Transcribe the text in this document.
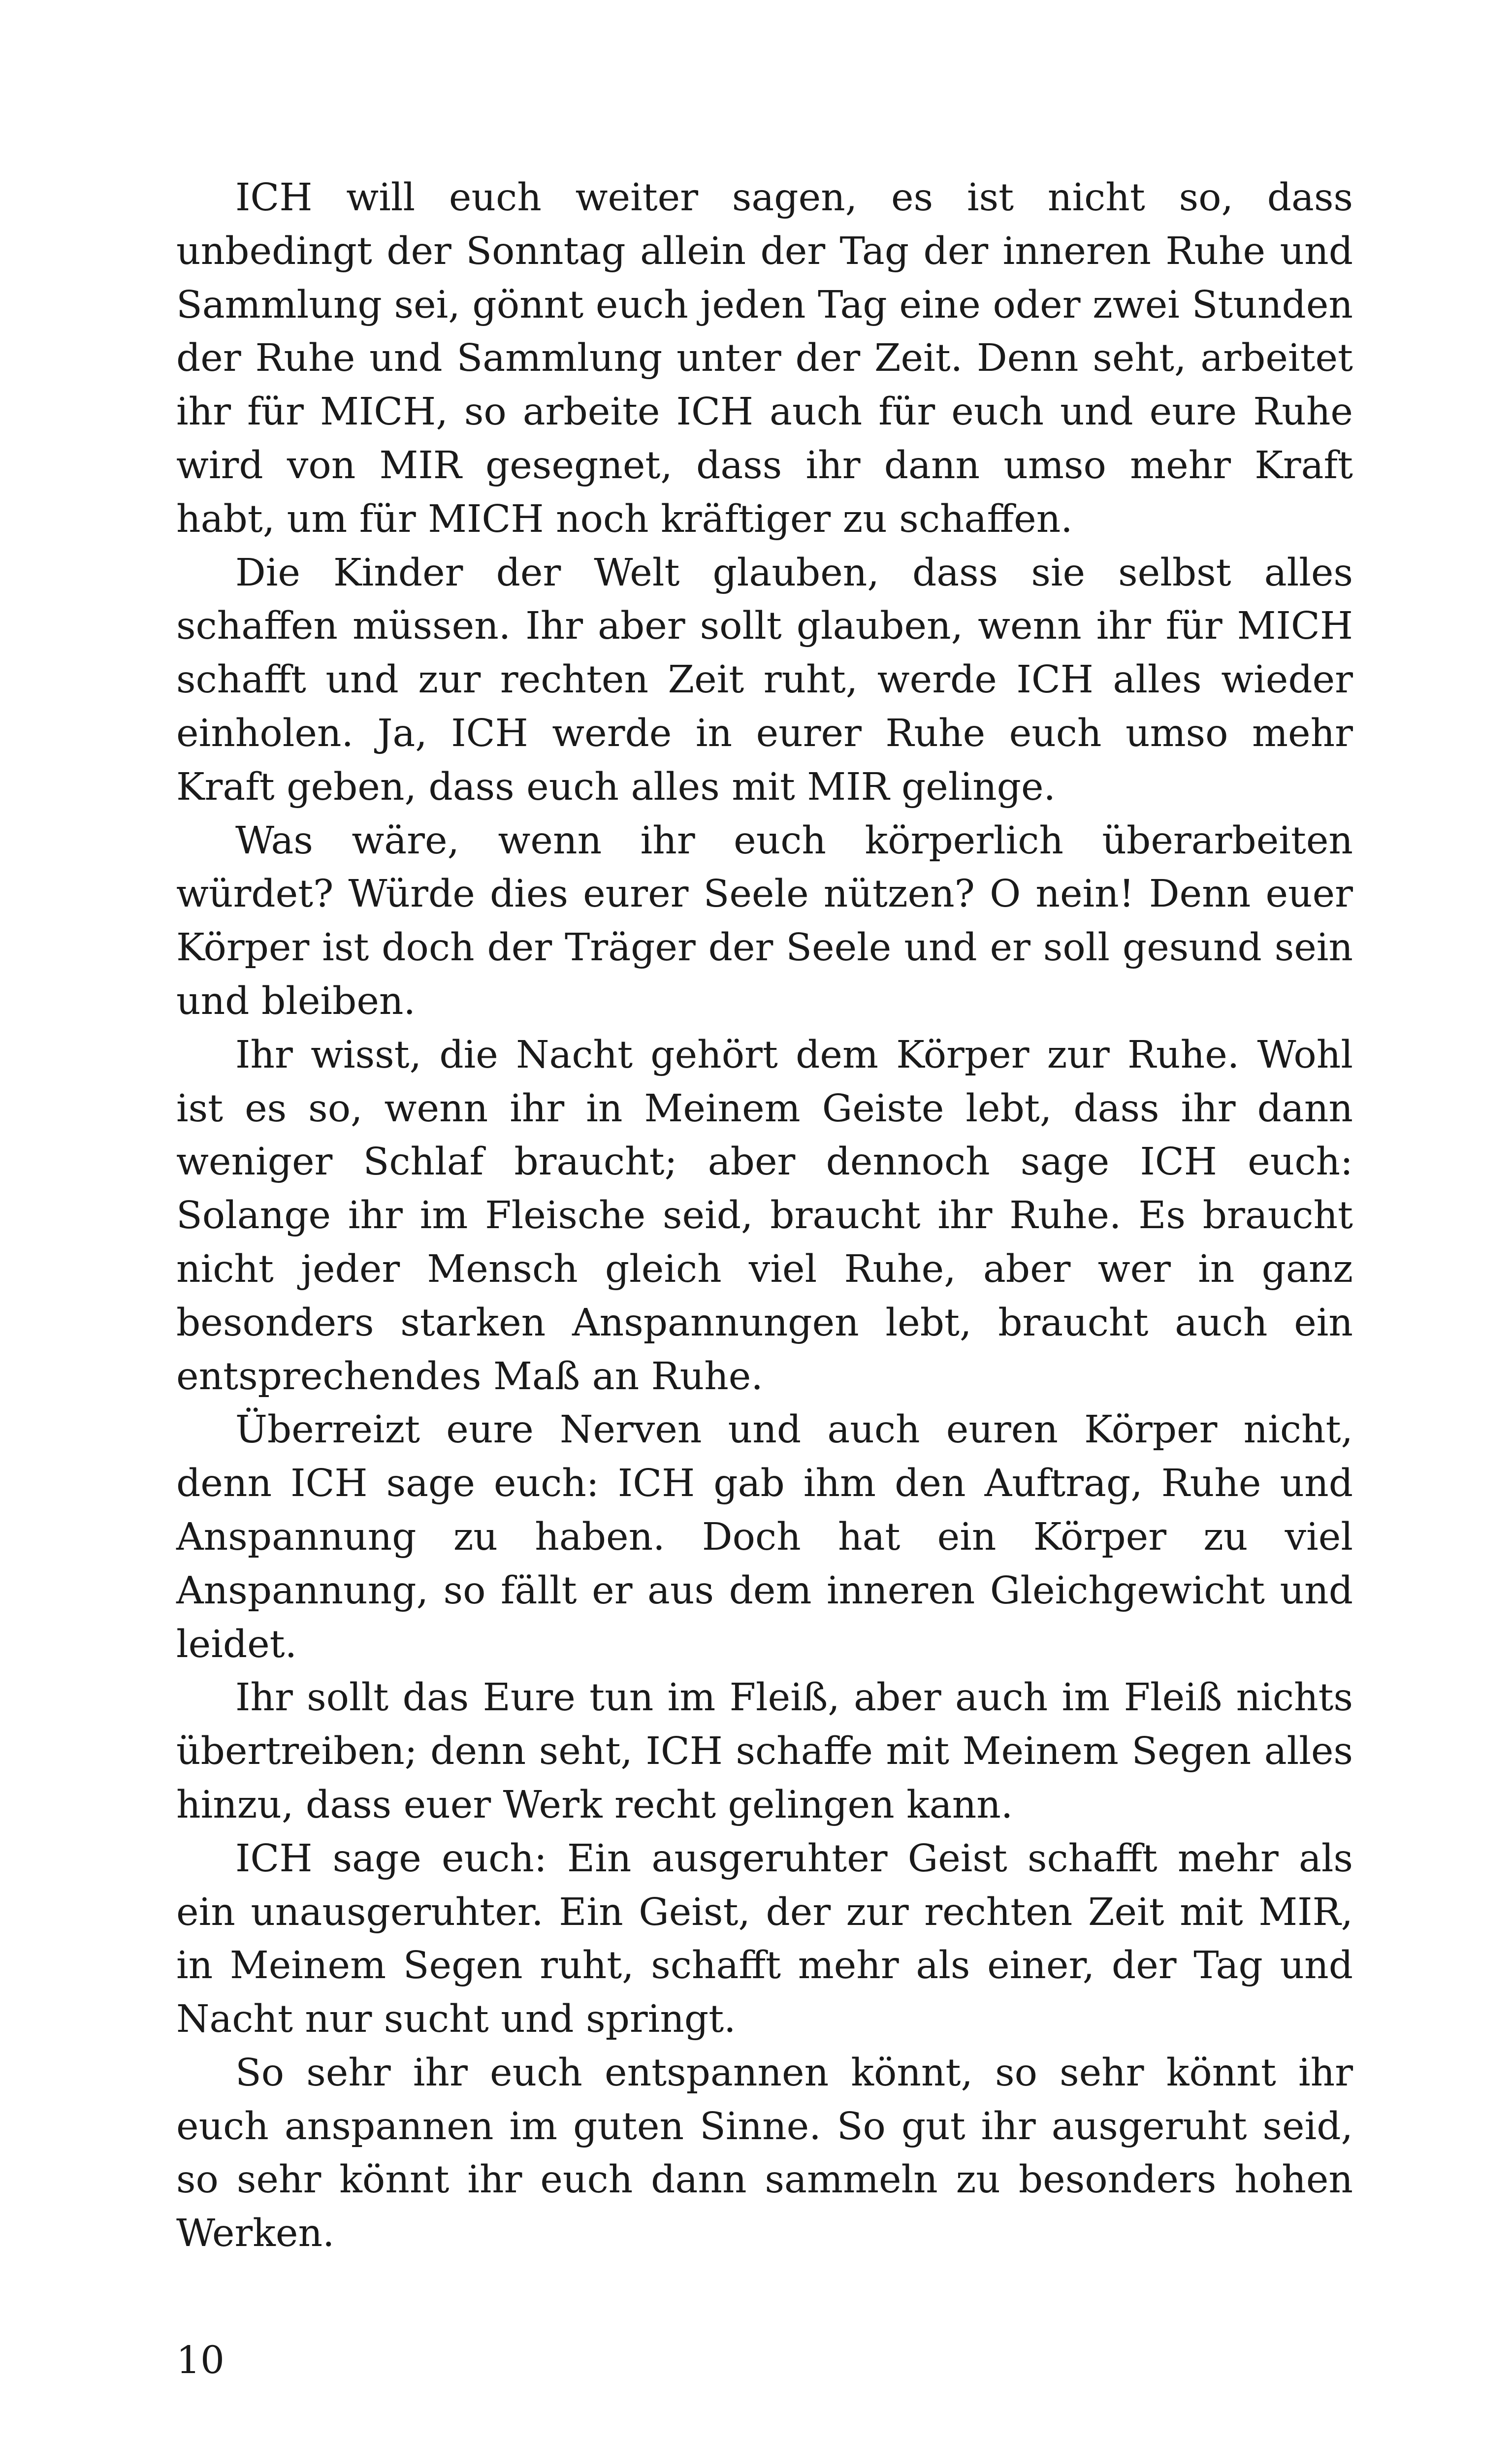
ICH will euch weiter sagen, es ist nicht so, dass unbedingt der Sonntag allein der Tag der inneren Ruhe und Sammlung sei, gönnt euch jeden Tag eine oder zwei Stunden der Ruhe und Sammlung unter der Zeit. Denn seht, arbeitet ihr für MICH, so arbeite ICH auch für euch und eure Ruhe wird von MIR gesegnet, dass ihr dann umso mehr Kraft habt, um für MICH noch kräftiger zu schaffen.

Die Kinder der Welt glauben, dass sie selbst alles schaffen müssen. Ihr aber sollt glauben, wenn ihr für MICH schafft und zur rechten Zeit ruht, werde ICH alles wieder einholen. Ja, ICH werde in eurer Ruhe euch umso mehr Kraft geben, dass euch alles mit MIR gelinge.

Was wäre, wenn ihr euch körperlich überarbeiten würdet? Würde dies eurer Seele nützen? O nein! Denn euer Körper ist doch der Träger der Seele und er soll gesund sein und bleiben.

Ihr wisst, die Nacht gehört dem Körper zur Ruhe. Wohl ist es so, wenn ihr in Meinem Geiste lebt, dass ihr dann weniger Schlaf braucht; aber dennoch sage ICH euch: Solange ihr im Fleische seid, braucht ihr Ruhe. Es braucht nicht jeder Mensch gleich viel Ruhe, aber wer in ganz besonders starken Anspannungen lebt, braucht auch ein entsprechendes Maß an Ruhe.

Überreizt eure Nerven und auch euren Körper nicht, denn ICH sage euch: ICH gab ihm den Auftrag, Ruhe und Anspannung zu haben. Doch hat ein Körper zu viel Anspannung, so fällt er aus dem inneren Gleichgewicht und leidet.

Ihr sollt das Eure tun im Fleiß, aber auch im Fleiß nichts übertreiben; denn seht, ICH schaffe mit Meinem Segen alles hinzu, dass euer Werk recht gelingen kann.

ICH sage euch: Ein ausgeruhter Geist schafft mehr als ein unausgeruhter. Ein Geist, der zur rechten Zeit mit MIR, in Meinem Segen ruht, schafft mehr als einer, der Tag und Nacht nur sucht und springt.

So sehr ihr euch entspannen könnt, so sehr könnt ihr euch anspannen im guten Sinne. So gut ihr ausgeruht seid, so sehr könnt ihr euch dann sammeln zu besonders hohen Werken.

10
